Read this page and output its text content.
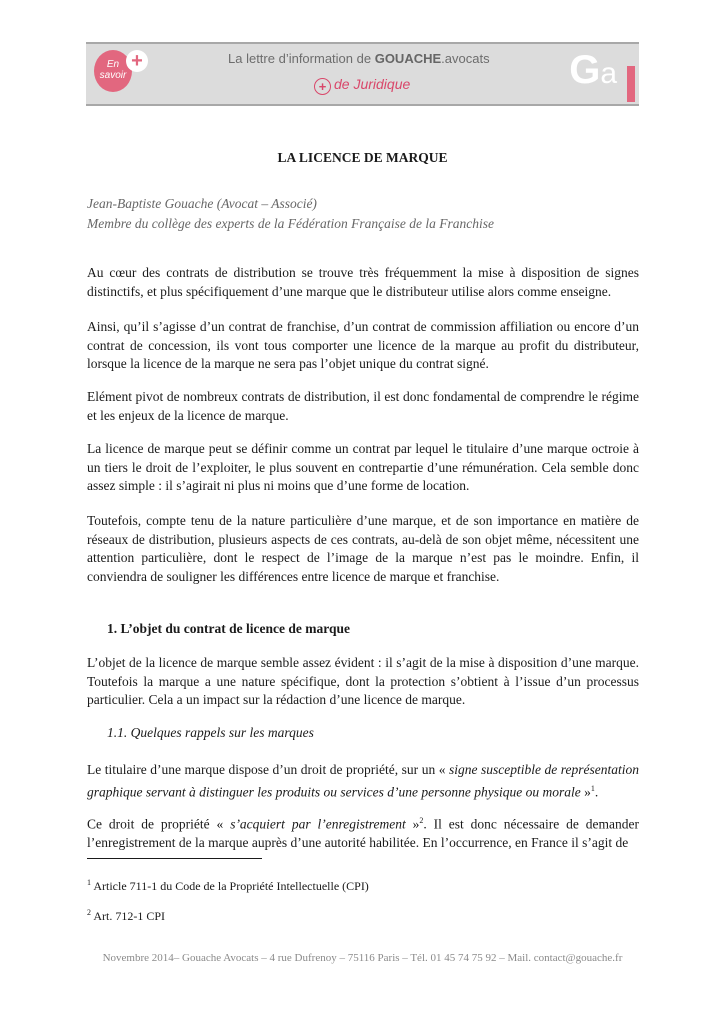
En savoir
+	La lettre d’information de GOUACHE.avocats
+ de Juridique	Ga
LA LICENCE DE MARQUE
Jean-Baptiste Gouache (Avocat – Associé)
Membre du collège des experts de la Fédération Française de la Franchise

Au cœur des contrats de distribution se trouve très fréquemment la mise à disposition de signes distinctifs, et plus spécifiquement d’une marque que le distributeur utilise alors comme enseigne.

Ainsi, qu’il s’agisse d’un contrat de franchise, d’un contrat de commission affiliation ou encore d’un contrat de concession, ils vont tous comporter une licence de la marque au profit du distributeur, lorsque la licence de la marque ne sera pas l’objet unique du contrat signé.

Elément pivot de nombreux contrats de distribution, il est donc fondamental de comprendre le régime et les enjeux de la licence de marque.

La licence de marque peut se définir comme un contrat par lequel le titulaire d’une marque octroie à un tiers le droit de l’exploiter, le plus souvent en contrepartie d’une rémunération. Cela semble donc assez simple : il s’agirait ni plus ni moins que d’une forme de location.

Toutefois, compte tenu de la nature particulière d’une marque, et de son importance en matière de réseaux de distribution, plusieurs aspects de ces contrats, au-delà de son objet même, nécessitent une attention particulière, dont le respect de l’image de la marque n’est pas le moindre. Enfin, il conviendra de souligner les différences entre licence de marque et franchise.

1. L’objet du contrat de licence de marque

L’objet de la licence de marque semble assez évident : il s’agit de la mise à disposition d’une marque. Toutefois la marque a une nature spécifique, dont la protection s’obtient à l’issue d’un processus particulier. Cela a un impact sur la rédaction d’une licence de marque.

1.1. Quelques rappels sur les marques

Le titulaire d’une marque dispose d’un droit de propriété, sur un « signe susceptible de représentation graphique servant à distinguer les produits ou services d’une personne physique ou morale »$^1$.

Ce droit de propriété « s’acquiert par l’enregistrement »$^2$. Il est donc nécessaire de demander l’enregistrement de la marque auprès d’une autorité habilitée. En l’occurrence, en France il s’agit de

$^1$ Article 711-1 du Code de la Propriété Intellectuelle (CPI)
$^2$ Art. 712-1 CPI
Novembre 2014– Gouache Avocats – 4 rue Dufrenoy – 75116 Paris – Tél. 01 45 74 75 92 – Mail. contact@gouache.fr
